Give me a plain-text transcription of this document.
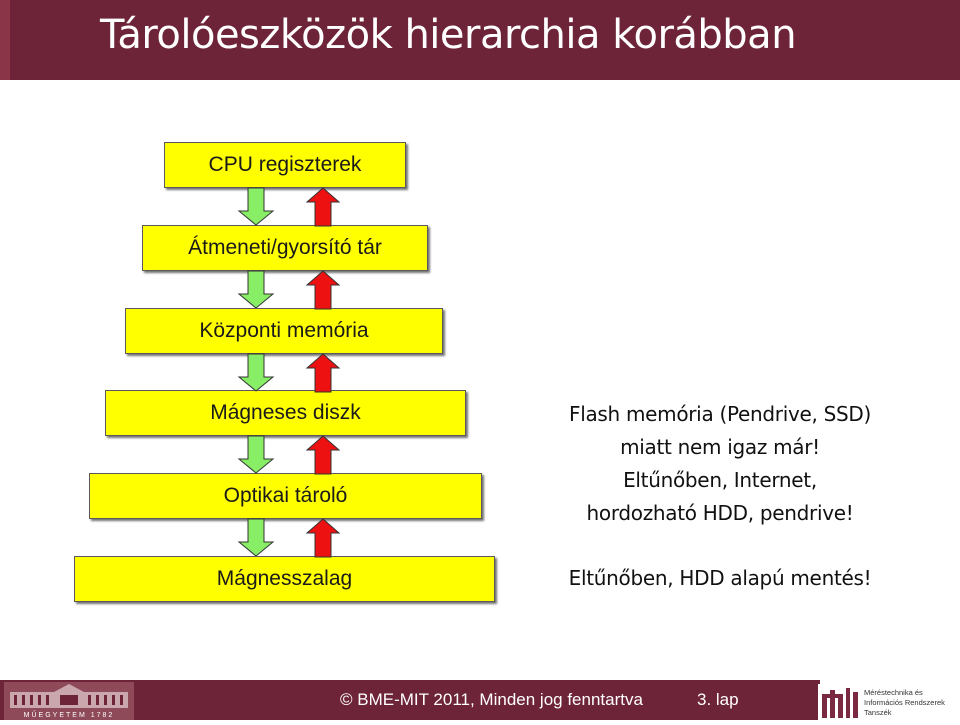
Tárolóeszközök hierarchia korábban
CPU regiszterek
Átmeneti/gyorsító tár
Központi memória
Mágneses diszk
Optikai tároló
Mágnesszalag
Flash memória (Pendrive, SSD)
miatt nem igaz már!
Eltűnőben, Internet,
hordozható HDD, pendrive!
Eltűnőben, HDD alapú mentés!
MŰEGYETEM 1782
© BME-MIT 2011, Minden jog fenntartva	3. lap	Méréstechnika és
Információs Rendszerek
Tanszék
